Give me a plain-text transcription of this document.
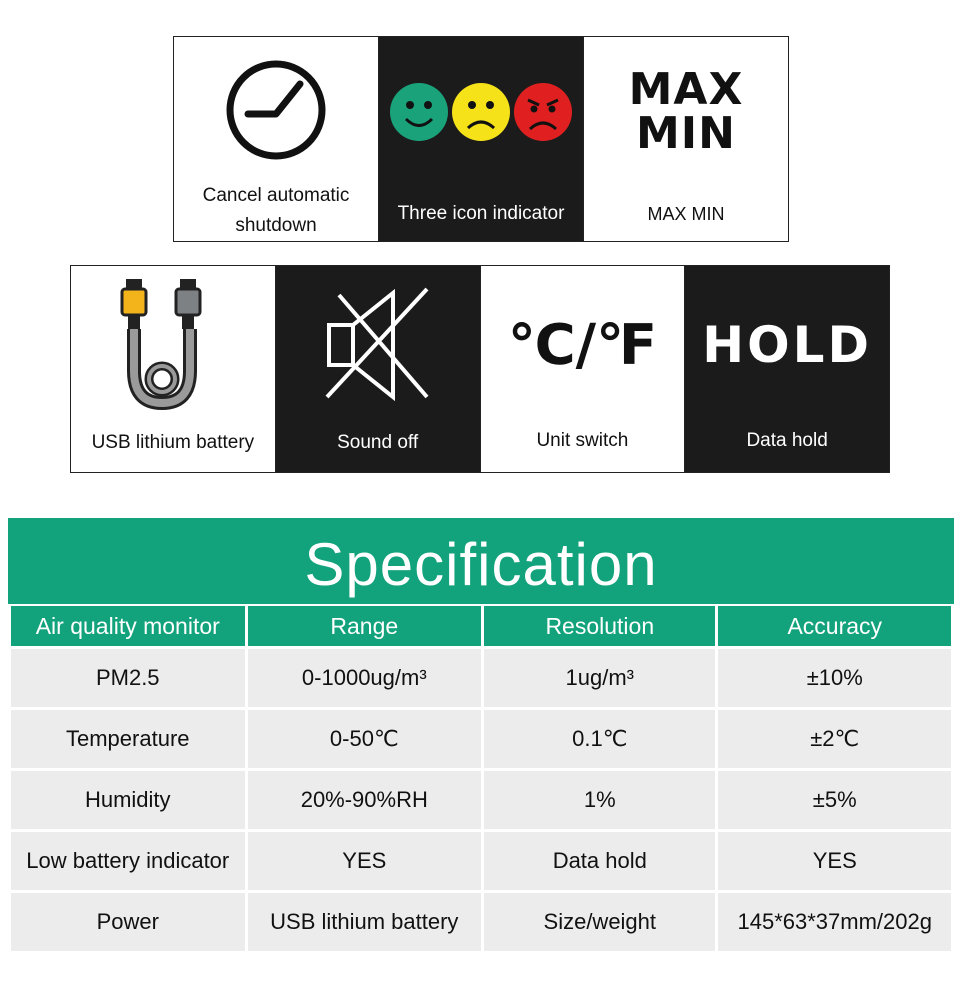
Cancel automatic shutdown
Three icon indicator
MAX
MIN
MAX MIN
USB lithium battery	Sound off
℃/℉
Unit switch
HOLD
Data hold
Specification
Air quality monitor	Range	Resolution	Accuracy
PM2.5	0-1000ug/m³	1ug/m³	±10%
Temperature	0-50℃	0.1℃	±2℃
Humidity	20%-90%RH	1%	±5%
Low battery indicator	YES	Data hold	YES
Power	USB lithium battery	Size/weight	145*63*37mm/202g
